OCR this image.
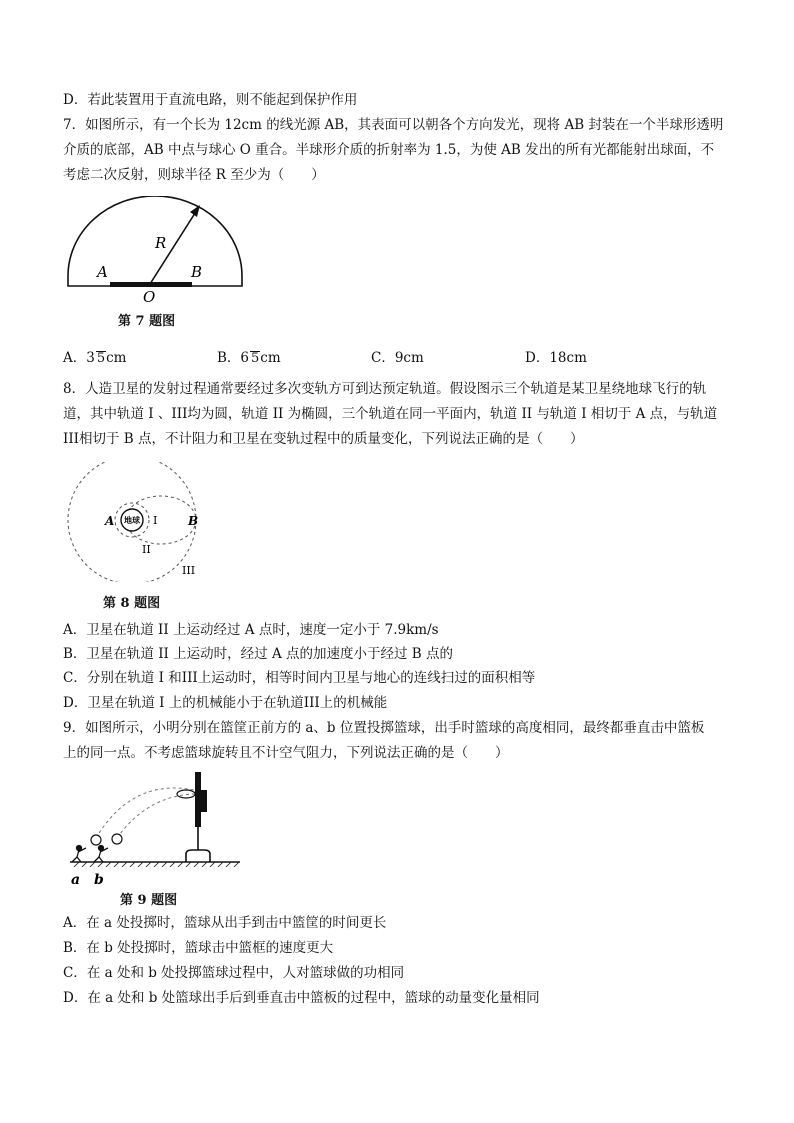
D．若此装置用于直流电路，则不能起到保护作用
7．如图所示，有一个长为 12cm 的线光源 AB，其表面可以朝各个方向发光，现将 AB 封装在一个半球形透明
介质的底部，AB 中点与球心 O 重合。半球形介质的折射率为 1.5，为使 AB 发出的所有光都能射出球面，不
考虑二次反射，则球半径 R 至少为（　　）
R
A	B
O
第 7 题图
A．3 5cm	B．6 5cm	C．9cm	D．18cm
8．人造卫星的发射过程通常要经过多次变轨方可到达预定轨道。假设图示三个轨道是某卫星绕地球飞行的轨
道，其中轨道 I 、III均为圆，轨道 II 为椭圆，三个轨道在同一平面内，轨道 II 与轨道 I 相切于 A 点，与轨道
III相切于 B 点，不计阻力和卫星在变轨过程中的质量变化，下列说法正确的是（　　）
地球
A	B
I
II
III
第 8 题图
A．卫星在轨道 II 上运动经过 A 点时，速度一定小于 7.9km/s
B．卫星在轨道 II 上运动时，经过 A 点的加速度小于经过 B 点的
C．分别在轨道 I 和III上运动时，相等时间内卫星与地心的连线扫过的面积相等
D．卫星在轨道 I 上的机械能小于在轨道III上的机械能
9．如图所示，小明分别在篮筐正前方的 a、b 位置投掷篮球，出手时篮球的高度相同，最终都垂直击中篮板
上的同一点。不考虑篮球旋转且不计空气阻力，下列说法正确的是（　　）
a b
第 9 题图
A．在 a 处投掷时，篮球从出手到击中篮筐的时间更长
B．在 b 处投掷时，篮球击中篮框的速度更大
C．在 a 处和 b 处投掷篮球过程中，人对篮球做的功相同
D．在 a 处和 b 处篮球出手后到垂直击中篮板的过程中，篮球的动量变化量相同
